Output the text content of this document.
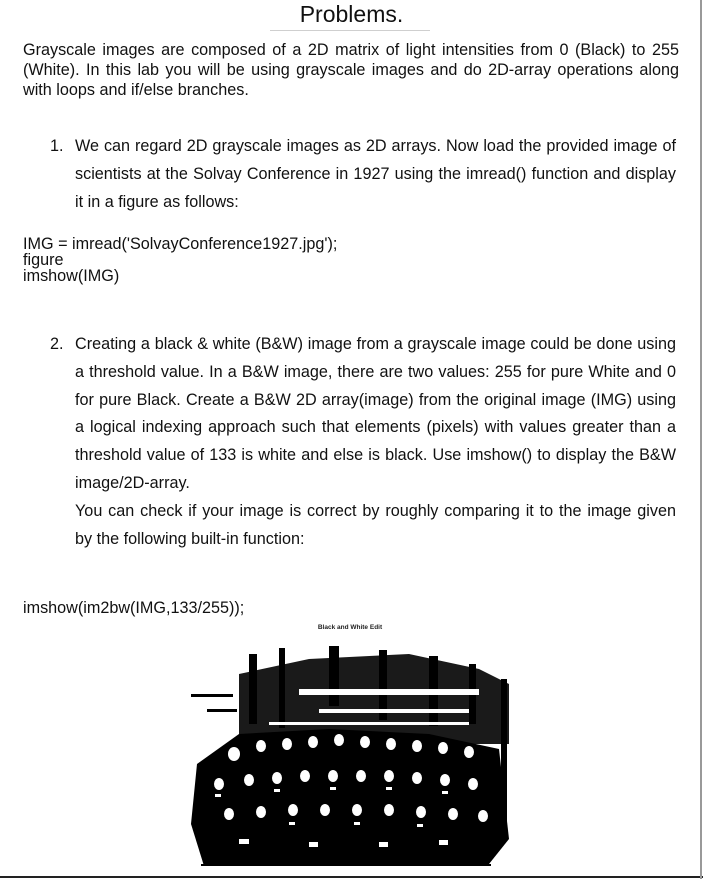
Problems.

Grayscale images are composed of a 2D matrix of light intensities from 0 (Black) to 255 (White). In this lab you will be using grayscale images and do 2D-array operations along with loops and if/else branches.

1. We can regard 2D grayscale images as 2D arrays. Now load the provided image of scientists at the Solvay Conference in 1927 using the imread() function and display it in a figure as follows:

IMG = imread('SolvayConference1927.jpg');
figure
imshow(IMG)
2. Creating a black & white (B&W) image from a grayscale image could be done using a threshold value. In a B&W image, there are two values: 255 for pure White and 0 for pure Black. Create a B&W 2D array(image) from the original image (IMG) using a logical indexing approach such that elements (pixels) with values greater than a threshold value of 133 is white and else is black. Use imshow() to display the B&W image/2D-array.

You can check if your image is correct by roughly comparing it to the image given by the following built-in function:

imshow(im2bw(IMG,133/255));
Black and White Edit
